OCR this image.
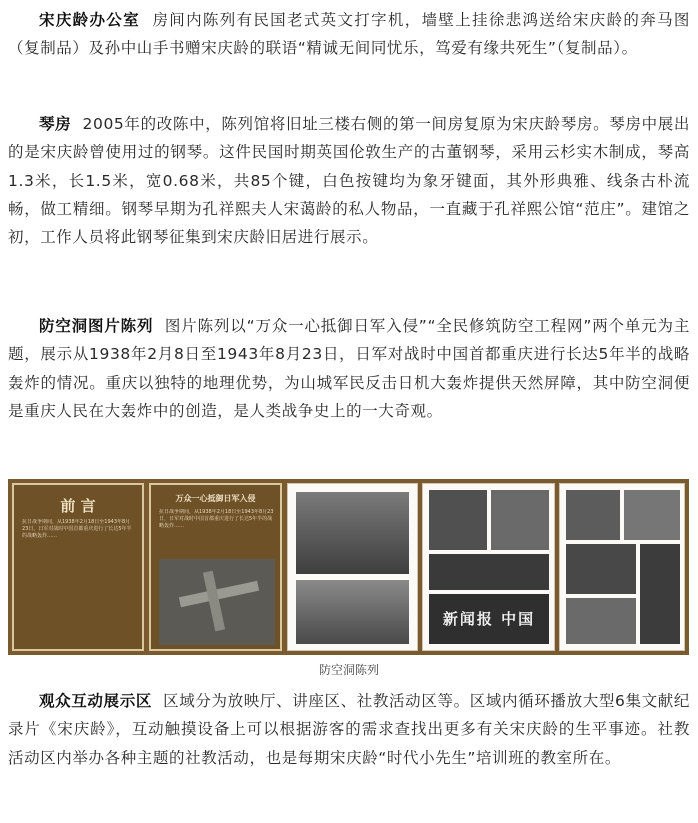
宋庆龄办公室 房间内陈列有民国老式英文打字机，墙壁上挂徐悲鸿送给宋庆龄的奔马图（复制品）及孙中山手书赠宋庆龄的联语“精诚无间同忧乐，笃爱有缘共死生”（复制品）。

琴房 2005年的改陈中，陈列馆将旧址三楼右侧的第一间房复原为宋庆龄琴房。琴房中展出的是宋庆龄曾使用过的钢琴。这件民国时期英国伦敦生产的古董钢琴，采用云杉实木制成，琴高1.3米，长1.5米，宽0.68米，共85个键，白色按键均为象牙键面，其外形典雅、线条古朴流畅，做工精细。钢琴早期为孔祥熙夫人宋蔼龄的私人物品，一直藏于孔祥熙公馆“范庄”。建馆之初，工作人员将此钢琴征集到宋庆龄旧居进行展示。

防空洞图片陈列 图片陈列以“万众一心抵御日军入侵”“全民修筑防空工程网”两个单元为主题，展示从1938年2月8日至1943年8月23日，日军对战时中国首都重庆进行长达5年半的战略轰炸的情况。重庆以独特的地理优势，为山城军民反击日机大轰炸提供天然屏障，其中防空洞便是重庆人民在大轰炸中的创造，是人类战争史上的一大奇观。

前 言
抗日战争期间，从1938年2月18日至1943年8月23日，日军对战时中国首都重庆进行了长达5年半的战略轰炸……
万众一心抵御日军入侵
抗日战争期间，从1938年2月18日至1943年8月23日，日军对战时中国首都重庆进行了长达5年半的战略轰炸……
新闻报 中国
防空洞陈列

观众互动展示区 区域分为放映厅、讲座区、社教活动区等。区域内循环播放大型6集文献纪录片《宋庆龄》，互动触摸设备上可以根据游客的需求查找出更多有关宋庆龄的生平事迹。社教活动区内举办各种主题的社教活动，也是每期宋庆龄“时代小先生”培训班的教室所在。
